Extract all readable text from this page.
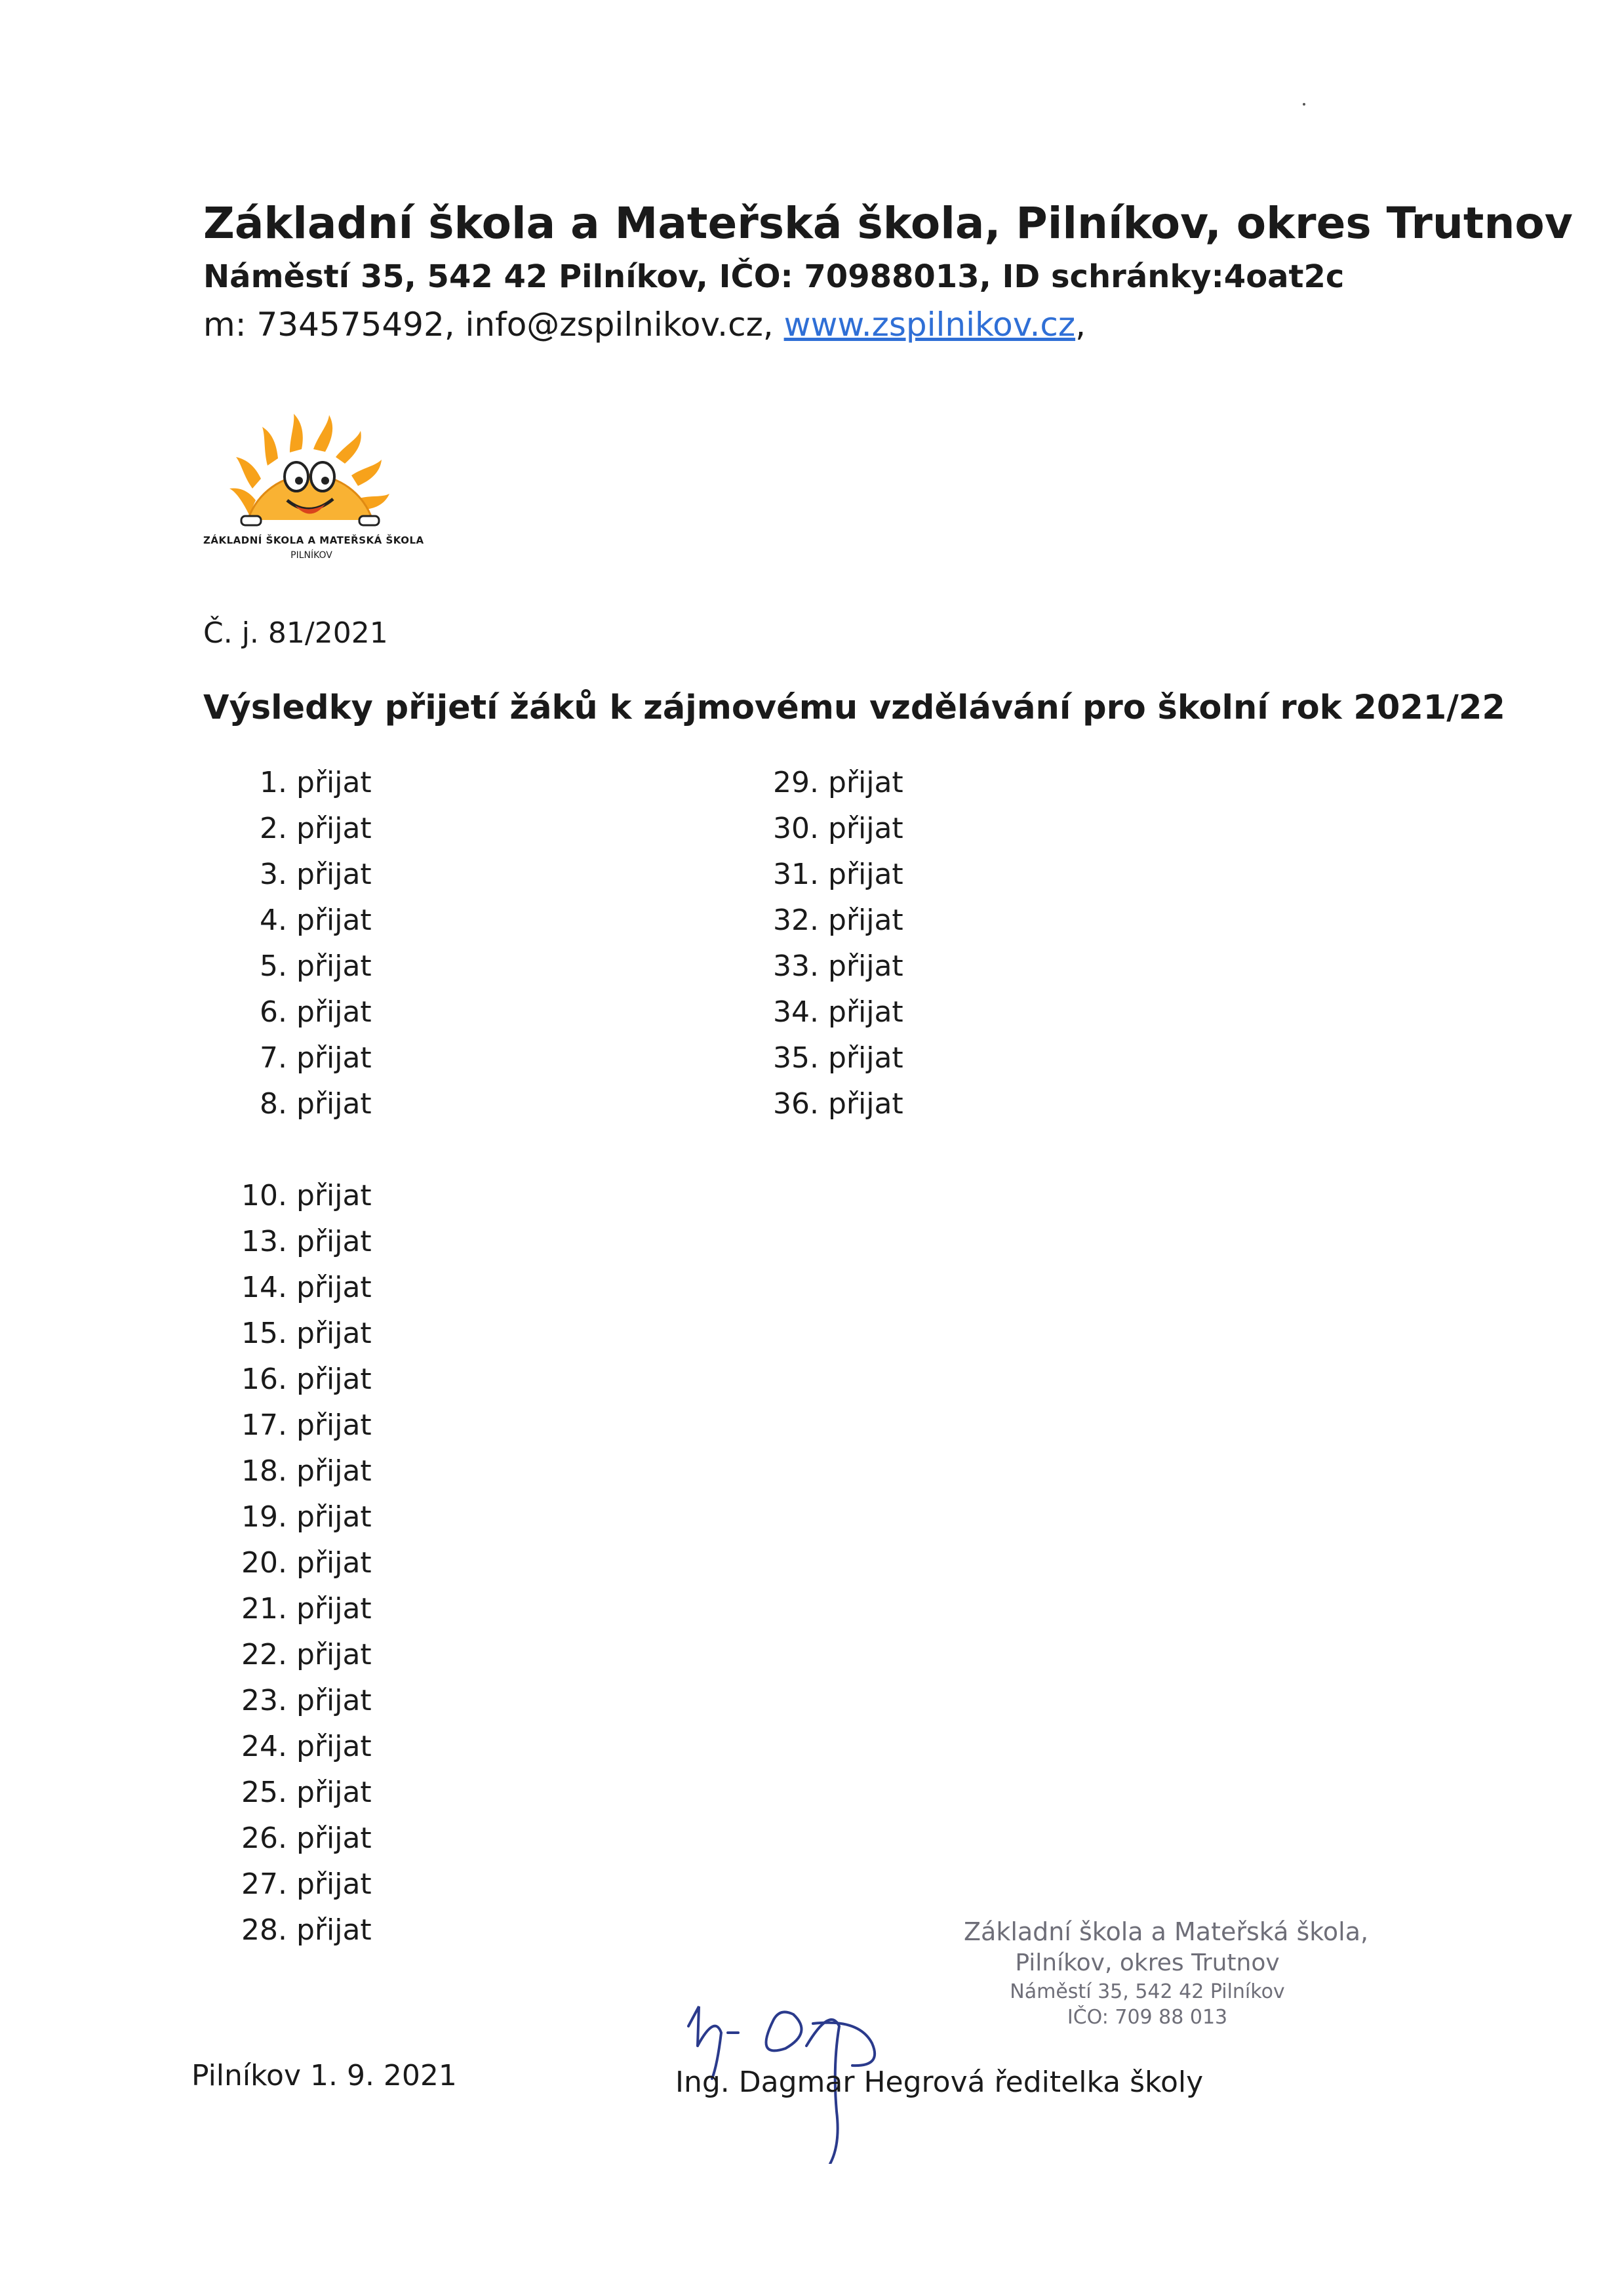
Základní škola a Mateřská škola, Pilníkov, okres Trutnov
Náměstí 35, 542 42 Pilníkov, IČO: 70988013, ID schránky:4oat2c
m: 734575492, info@zspilnikov.cz, www.zspilnikov.cz,
ZÁKLADNÍ ŠKOLA A MATEŘSKÁ ŠKOLA
PILNÍKOV
Č. j. 81/2021
Výsledky přijetí žáků k zájmovému vzdělávání pro školní rok 2021/22
1. přijat
2. přijat
3. přijat
4. přijat
5. přijat
6. přijat
7. přijat
8. přijat
10. přijat
13. přijat
14. přijat
15. přijat
16. přijat
17. přijat
18. přijat
19. přijat
20. přijat
21. přijat
22. přijat
23. přijat
24. přijat
25. přijat
26. přijat
27. přijat
28. přijat
29. přijat
30. přijat
31. přijat
32. přijat
33. přijat
34. přijat
35. přijat
36. přijat
Základní škola a Mateřská škola,
Pilníkov, okres Trutnov
Náměstí 35, 542 42 Pilníkov
IČO: 709 88 013
Pilníkov 1. 9. 2021	Ing. Dagmar Hegrová ředitelka školy
